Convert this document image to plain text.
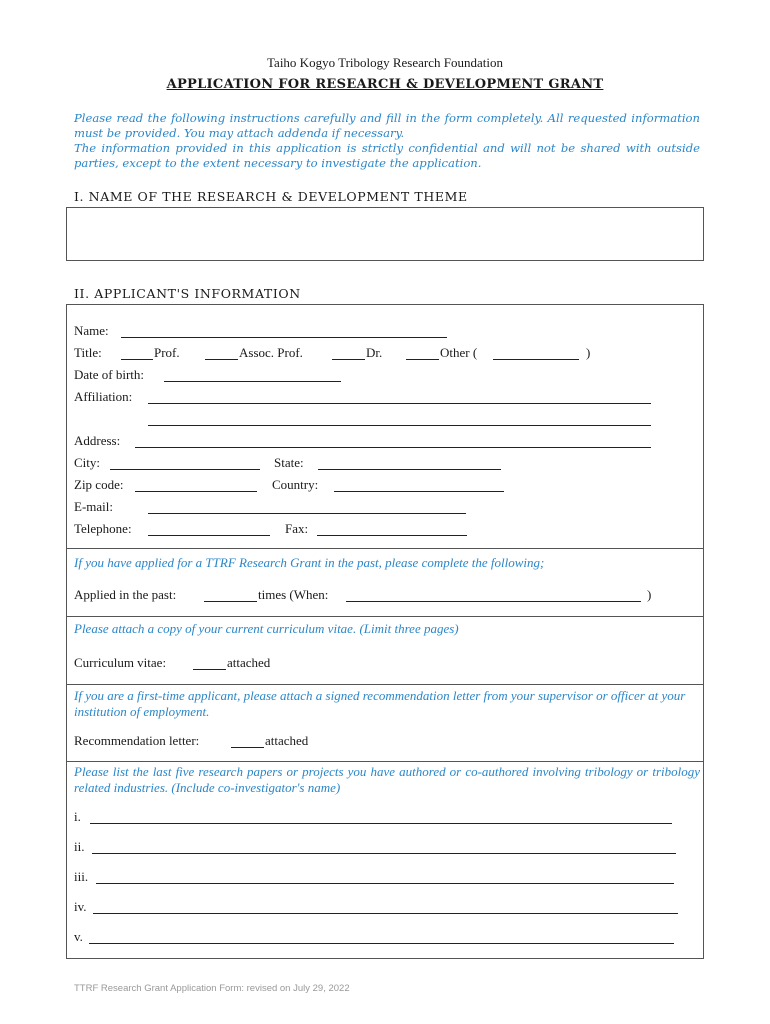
Taiho Kogyo Tribology Research Foundation
APPLICATION FOR RESEARCH & DEVELOPMENT GRANT
Please read the following instructions carefully and fill in the form completely. All requested information must be provided. You may attach addenda if necessary.
The information provided in this application is strictly confidential and will not be shared with outside parties, except to the extent necessary to investigate the application.
I. NAME OF THE RESEARCH & DEVELOPMENT THEME
II. APPLICANT'S INFORMATION
Name:
Title:	Prof.	Assoc. Prof.	Dr.	Other (	)
Date of birth:
Affiliation:
Address:
City:	State:
Zip code:	Country:
E-mail:
Telephone:	Fax:
If you have applied for a TTRF Research Grant in the past, please complete the following;
Applied in the past:	times (When:	)
Please attach a copy of your current curriculum vitae. (Limit three pages)
Curriculum vitae:	attached
If you are a first-time applicant, please attach a signed recommendation letter from your supervisor or officer at your institution of employment.
Recommendation letter:	attached
Please list the last five research papers or projects you have authored or co-authored involving tribology or tribology related industries. (Include co-investigator's name)
i.
ii.
iii.
iv.
v.
TTRF Research Grant Application Form: revised on July 29, 2022
